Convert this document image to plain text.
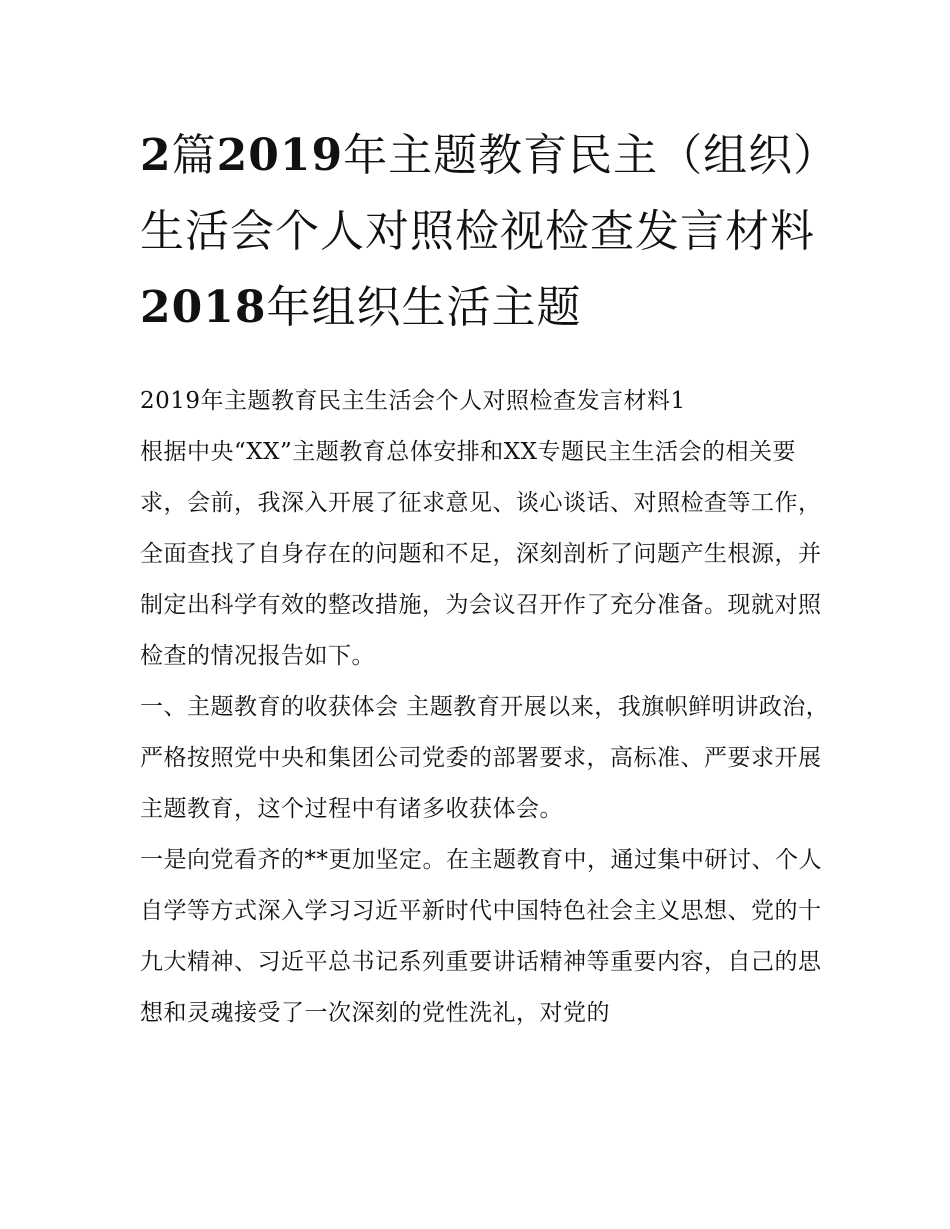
2篇2019年主题教育民主（组织）生活会个人对照检视检查发言材料2018年组织生活主题

2019年主题教育民主生活会个人对照检查发言材料1

根据中央“XX”主题教育总体安排和XX专题民主生活会的相关要求，会前，我深入开展了征求意见、谈心谈话、对照检查等工作，全面查找了自身存在的问题和不足，深刻剖析了问题产生根源，并制定出科学有效的整改措施，为会议召开作了充分准备。现就对照检查的情况报告如下。

一、主题教育的收获体会 主题教育开展以来，我旗帜鲜明讲政治，严格按照党中央和集团公司党委的部署要求，高标准、严要求开展主题教育，这个过程中有诸多收获体会。

一是向党看齐的**更加坚定。在主题教育中，通过集中研讨、个人自学等方式深入学习习近平新时代中国特色社会主义思想、党的十九大精神、习近平总书记系列重要讲话精神等重要内容，自己的思想和灵魂接受了一次深刻的党性洗礼，对党的
